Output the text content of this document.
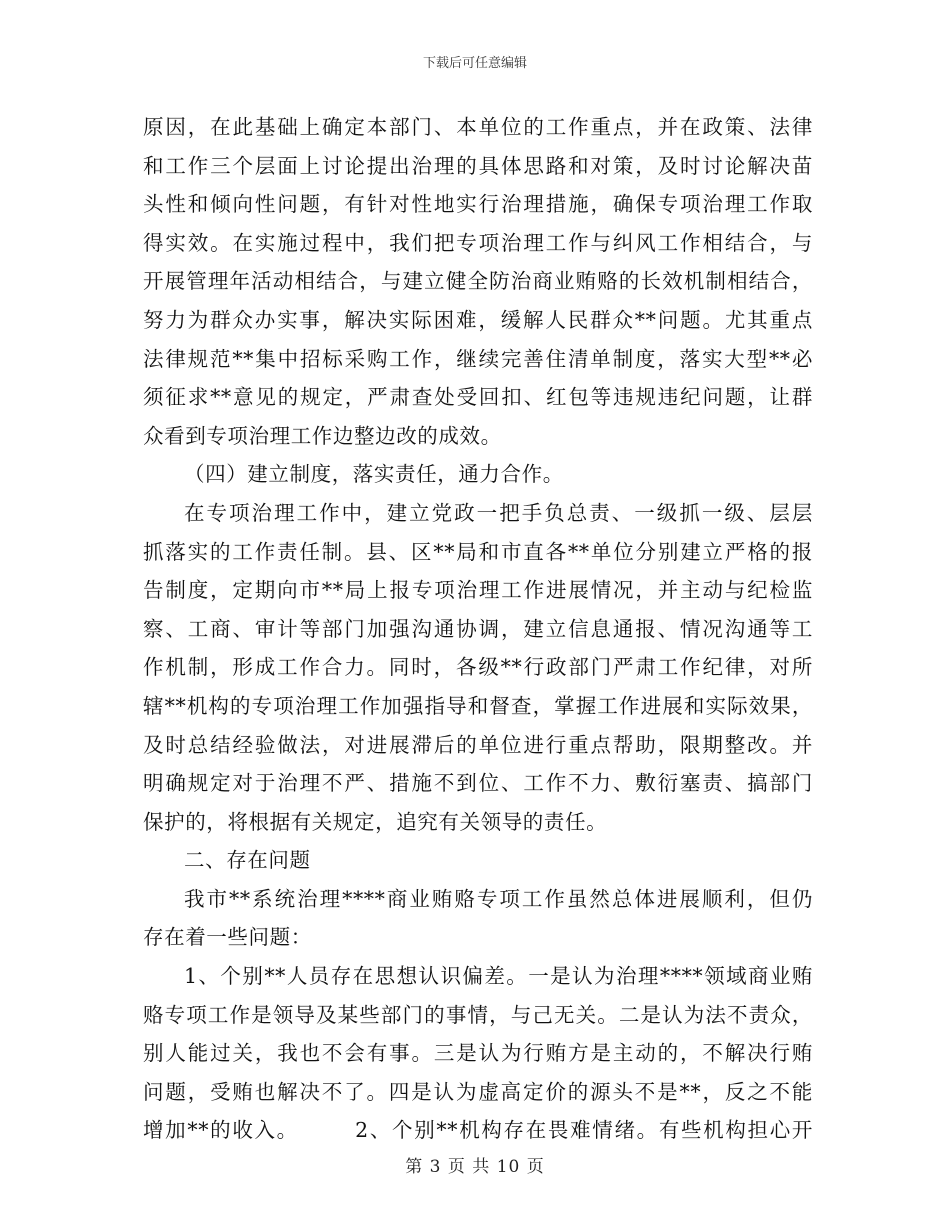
下载后可任意编辑
原因，在此基础上确定本部门、本单位的工作重点，并在政策、法律
和工作三个层面上讨论提出治理的具体思路和对策，及时讨论解决苗
头性和倾向性问题，有针对性地实行治理措施，确保专项治理工作取
得实效。在实施过程中，我们把专项治理工作与纠风工作相结合，与
开展管理年活动相结合，与建立健全防治商业贿赂的长效机制相结合，
努力为群众办实事，解决实际困难，缓解人民群众**问题。尤其重点
法律规范**集中招标采购工作，继续完善住清单制度，落实大型**必
须征求**意见的规定，严肃查处受回扣、红包等违规违纪问题，让群
众看到专项治理工作边整边改的成效。
（四）建立制度，落实责任，通力合作。
在专项治理工作中，建立党政一把手负总责、一级抓一级、层层
抓落实的工作责任制。县、区**局和市直各**单位分别建立严格的报
告制度，定期向市**局上报专项治理工作进展情况，并主动与纪检监
察、工商、审计等部门加强沟通协调，建立信息通报、情况沟通等工
作机制，形成工作合力。同时，各级**行政部门严肃工作纪律，对所
辖**机构的专项治理工作加强指导和督查，掌握工作进展和实际效果，
及时总结经验做法，对进展滞后的单位进行重点帮助，限期整改。并
明确规定对于治理不严、措施不到位、工作不力、敷衍塞责、搞部门
保护的，将根据有关规定，追究有关领导的责任。
二、存在问题
我市**系统治理****商业贿赂专项工作虽然总体进展顺利，但仍
存在着一些问题：
1、个别**人员存在思想认识偏差。一是认为治理****领域商业贿
赂专项工作是领导及某些部门的事情，与己无关。二是认为法不责众，
别人能过关，我也不会有事。三是认为行贿方是主动的，不解决行贿
问题，受贿也解决不了。四是认为虚高定价的源头不是**，反之不能
增加**的收入。　　　2、个别**机构存在畏难情绪。有些机构担心开
第 3 页 共 10 页
